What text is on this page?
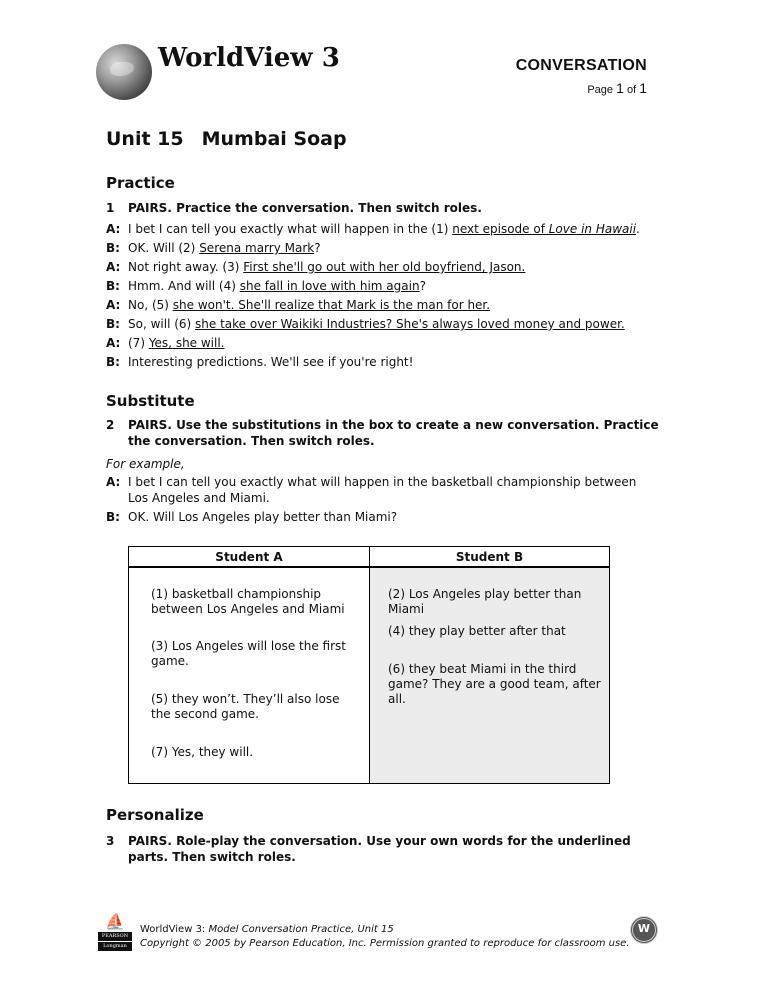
WorldView 3	CONVERSATION
Page 1 of 1
Unit 15 Mumbai Soap
Practice
1	PAIRS. Practice the conversation. Then switch roles.
A: I bet I can tell you exactly what will happen in the (1) next episode of Love in Hawaii.
B: OK. Will (2) Serena marry Mark?
A: Not right away. (3) First she'll go out with her old boyfriend, Jason.
B: Hmm. And will (4) she fall in love with him again?
A: No, (5) she won't. She'll realize that Mark is the man for her.
B: So, will (6) she take over Waikiki Industries? She's always loved money and power.
A: (7) Yes, she will.
B: Interesting predictions. We'll see if you're right!
Substitute
2	PAIRS. Use the substitutions in the box to create a new conversation. Practice the conversation. Then switch roles.
For example,
A: I bet I can tell you exactly what will happen in the basketball championship between Los Angeles and Miami.
B: OK. Will Los Angeles play better than Miami?
Student A
(1) basketball championship between Los Angeles and Miami
(3) Los Angeles will lose the first game.
(5) they won’t. They’ll also lose the second game.
(7) Yes, they will.
Student B
(2) Los Angeles play better than Miami
(4) they play better after that
(6) they beat Miami in the third game? They are a good team, after all.
Personalize
3	PAIRS. Role-play the conversation. Use your own words for the underlined parts. Then switch roles.
⛵
PEARSON
Longman
WorldView 3: Model Conversation Practice, Unit 15
Copyright © 2005 by Pearson Education, Inc. Permission granted to reproduce for classroom use.
W
